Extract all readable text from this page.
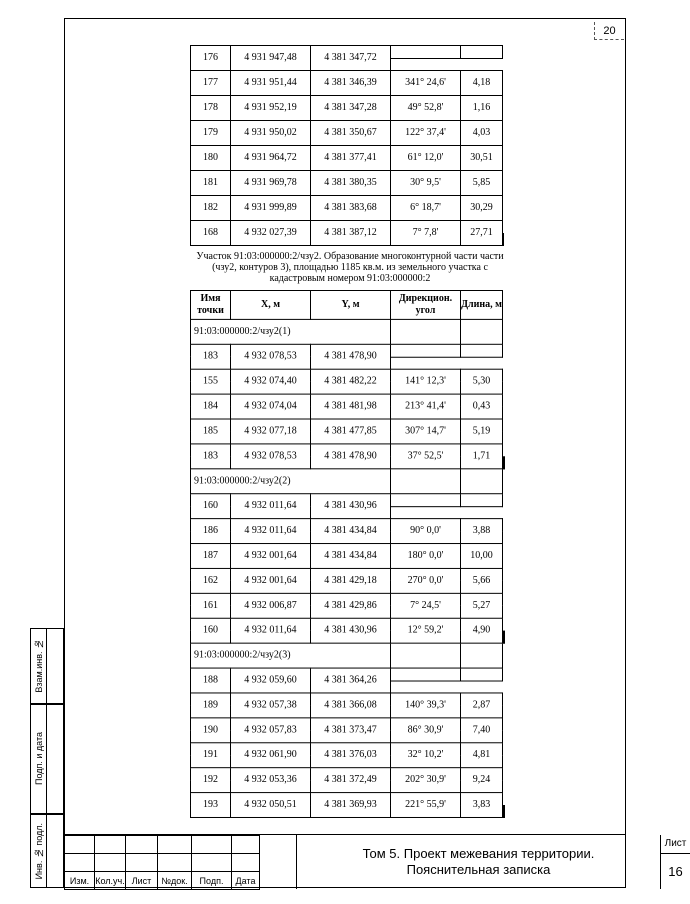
20
176	4 931 947,48	4 381 347,72			

177	4 931 951,44	4 381 346,39	341° 24,6'	4,18	

178	4 931 952,19	4 381 347,28	49° 52,8'	1,16	

179	4 931 950,02	4 381 350,67	122° 37,4'	4,03	

180	4 931 964,72	4 381 377,41	61° 12,0'	30,51	

181	4 931 969,78	4 381 380,35	30° 9,5'	5,85	

182	4 931 999,89	4 381 383,68	6° 18,7'	30,29	

168	4 932 027,39	4 381 387,12	7° 7,8'	27,71	

Участок 91:03:000000:2/чзу2. Образование многоконтурной части части (чзу2, контуров 3), площадью 1185 кв.м. из земельного участка с кадастровым номером 91:03:000000:2
Имя точки	X, м	Y, м	Дирекцион. угол	Длина, м	
91:03:000000:2/чзу2(1)					
183	4 932 078,53	4 381 478,90			

155	4 932 074,40	4 381 482,22	141° 12,3'	5,30	

184	4 932 074,04	4 381 481,98	213° 41,4'	0,43	

185	4 932 077,18	4 381 477,85	307° 14,7'	5,19	

183	4 932 078,53	4 381 478,90	37° 52,5'	1,71	

91:03:000000:2/чзу2(2)					
160	4 932 011,64	4 381 430,96			

186	4 932 011,64	4 381 434,84	90° 0,0'	3,88	

187	4 932 001,64	4 381 434,84	180° 0,0'	10,00	

162	4 932 001,64	4 381 429,18	270° 0,0'	5,66	

161	4 932 006,87	4 381 429,86	7° 24,5'	5,27	

160	4 932 011,64	4 381 430,96	12° 59,2'	4,90	

91:03:000000:2/чзу2(3)					
188	4 932 059,60	4 381 364,26			

189	4 932 057,38	4 381 366,08	140° 39,3'	2,87	

190	4 932 057,83	4 381 373,47	86° 30,9'	7,40	

191	4 932 061,90	4 381 376,03	32° 10,2'	4,81	

192	4 932 053,36	4 381 372,49	202° 30,9'	9,24	

193	4 932 050,51	4 381 369,93	221° 55,9'	3,83	

Взам.инв. №
Подп. и дата
Инв. № подл.

Изм.	Кол.уч.	Лист	№док.	Подп.	Дата
Том 5. Проект межевания территории.
Пояснительная записка
Лист
16
